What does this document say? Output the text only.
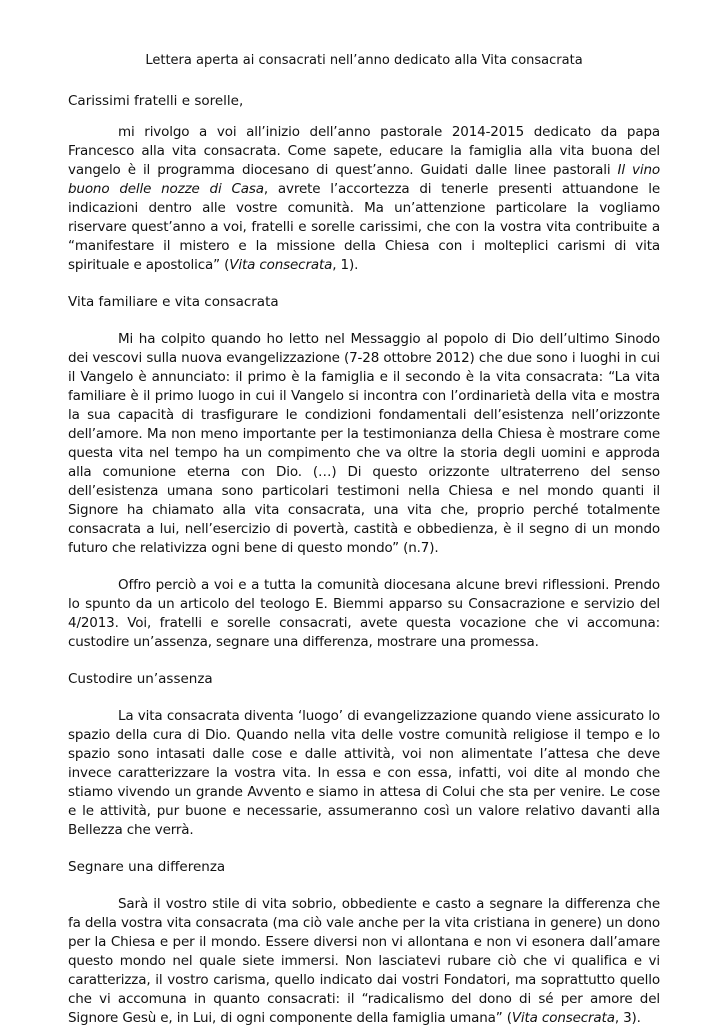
Lettera aperta ai consacrati nell’anno dedicato alla Vita consacrata
Carissimi fratelli e sorelle,

mi rivolgo a voi all’inizio dell’anno pastorale 2014-2015 dedicato da papa Francesco alla vita consacrata. Come sapete, educare la famiglia alla vita buona del vangelo è il programma diocesano di quest’anno. Guidati dalle linee pastorali Il vino buono delle nozze di Casa, avrete l’accortezza di tenerle presenti attuandone le indicazioni dentro alle vostre comunità. Ma un’attenzione particolare la vogliamo riservare quest’anno a voi, fratelli e sorelle carissimi, che con la vostra vita contribuite a “manifestare il mistero e la missione della Chiesa con i molteplici carismi di vita spirituale e apostolica” (Vita consecrata, 1).

Vita familiare e vita consacrata

Mi ha colpito quando ho letto nel Messaggio al popolo di Dio dell’ultimo Sinodo dei vescovi sulla nuova evangelizzazione (7-28 ottobre 2012) che due sono i luoghi in cui il Vangelo è annunciato: il primo è la famiglia e il secondo è la vita consacrata: “La vita familiare è il primo luogo in cui il Vangelo si incontra con l’ordinarietà della vita e mostra la sua capacità di trasfigurare le condizioni fondamentali dell’esistenza nell’orizzonte dell’amore. Ma non meno importante per la testimonianza della Chiesa è mostrare come questa vita nel tempo ha un compimento che va oltre la storia degli uomini e approda alla comunione eterna con Dio. (…) Di questo orizzonte ultraterreno del senso dell’esistenza umana sono particolari testimoni nella Chiesa e nel mondo quanti il Signore ha chiamato alla vita consacrata, una vita che, proprio perché totalmente consacrata a lui, nell’esercizio di povertà, castità e obbedienza, è il segno di un mondo futuro che relativizza ogni bene di questo mondo” (n.7).

Offro perciò a voi e a tutta la comunità diocesana alcune brevi riflessioni. Prendo lo spunto da un articolo del teologo E. Biemmi apparso su Consacrazione e servizio del 4/2013. Voi, fratelli e sorelle consacrati, avete questa vocazione che vi accomuna: custodire un’assenza, segnare una differenza, mostrare una promessa.

Custodire un’assenza

La vita consacrata diventa ‘luogo’ di evangelizzazione quando viene assicurato lo spazio della cura di Dio. Quando nella vita delle vostre comunità religiose il tempo e lo spazio sono intasati dalle cose e dalle attività, voi non alimentate l’attesa che deve invece caratterizzare la vostra vita. In essa e con essa, infatti, voi dite al mondo che stiamo vivendo un grande Avvento e siamo in attesa di Colui che sta per venire. Le cose e le attività, pur buone e necessarie, assumeranno così un valore relativo davanti alla Bellezza che verrà.

Segnare una differenza

Sarà il vostro stile di vita sobrio, obbediente e casto a segnare la differenza che fa della vostra vita consacrata (ma ciò vale anche per la vita cristiana in genere) un dono per la Chiesa e per il mondo. Essere diversi non vi allontana e non vi esonera dall’amare questo mondo nel quale siete immersi. Non lasciatevi rubare ciò che vi qualifica e vi caratterizza, il vostro carisma, quello indicato dai vostri Fondatori, ma soprattutto quello che vi accomuna in quanto consacrati: il “radicalismo del dono di sé per amore del Signore Gesù e, in Lui, di ogni componente della famiglia umana” (Vita consecrata, 3).
